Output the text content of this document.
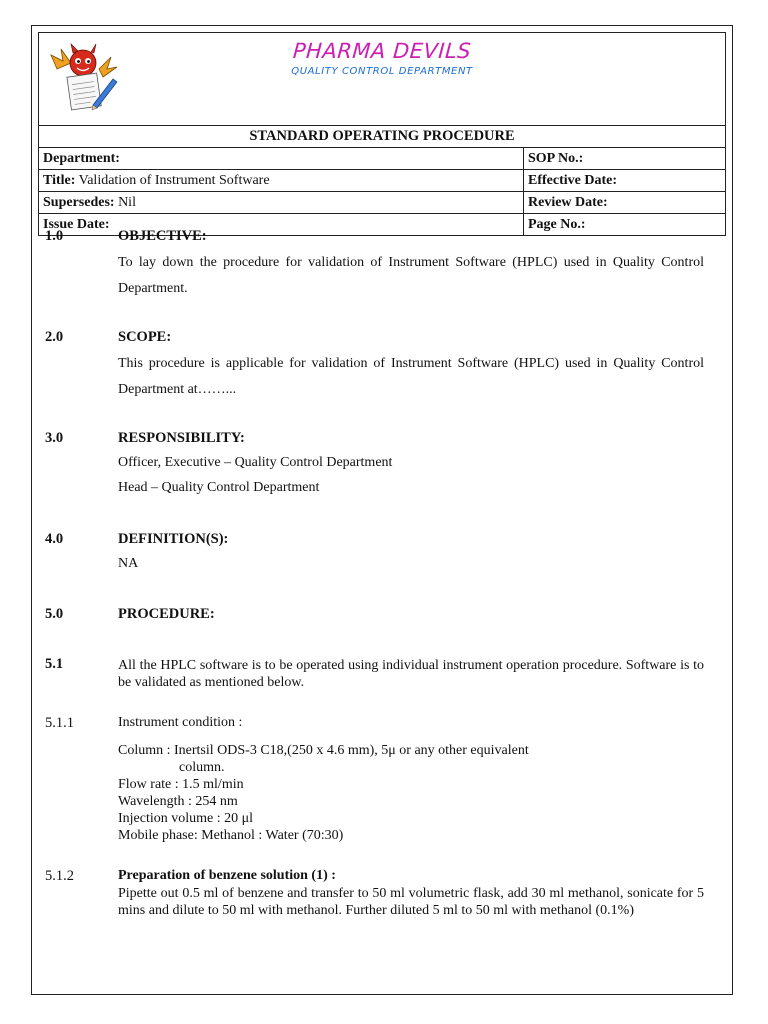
PHARMA DEVILS
QUALITY CONTROL DEPARTMENT
STANDARD OPERATING PROCEDURE	
Department:	SOP No.:
Title: Validation of Instrument Software	Effective Date:
Supersedes: Nil	Review Date:
Issue Date:	Page No.:
1.0	OBJECTIVE:
To lay down the procedure for validation of Instrument Software (HPLC) used in Quality Control Department.
2.0	SCOPE:
This procedure is applicable for validation of Instrument Software (HPLC) used in Quality Control Department at……...
3.0	RESPONSIBILITY:
Officer, Executive – Quality Control Department
Head – Quality Control Department
4.0	DEFINITION(S):
NA
5.0	PROCEDURE:
5.1	All the HPLC software is to be operated using individual instrument operation procedure. Software is to be validated as mentioned below.
5.1.1	Instrument condition :
Column : Inertsil ODS-3 C18,(250 x 4.6 mm), 5μ or any other equivalent
column.
Flow rate : 1.5 ml/min
Wavelength : 254 nm
Injection volume : 20 μl
Mobile phase: Methanol : Water (70:30)
5.1.2	Preparation of benzene solution (1) :
Pipette out 0.5 ml of benzene and transfer to 50 ml volumetric flask, add 30 ml methanol, sonicate for 5 mins and dilute to 50 ml with methanol. Further diluted 5 ml to 50 ml with methanol (0.1%)
